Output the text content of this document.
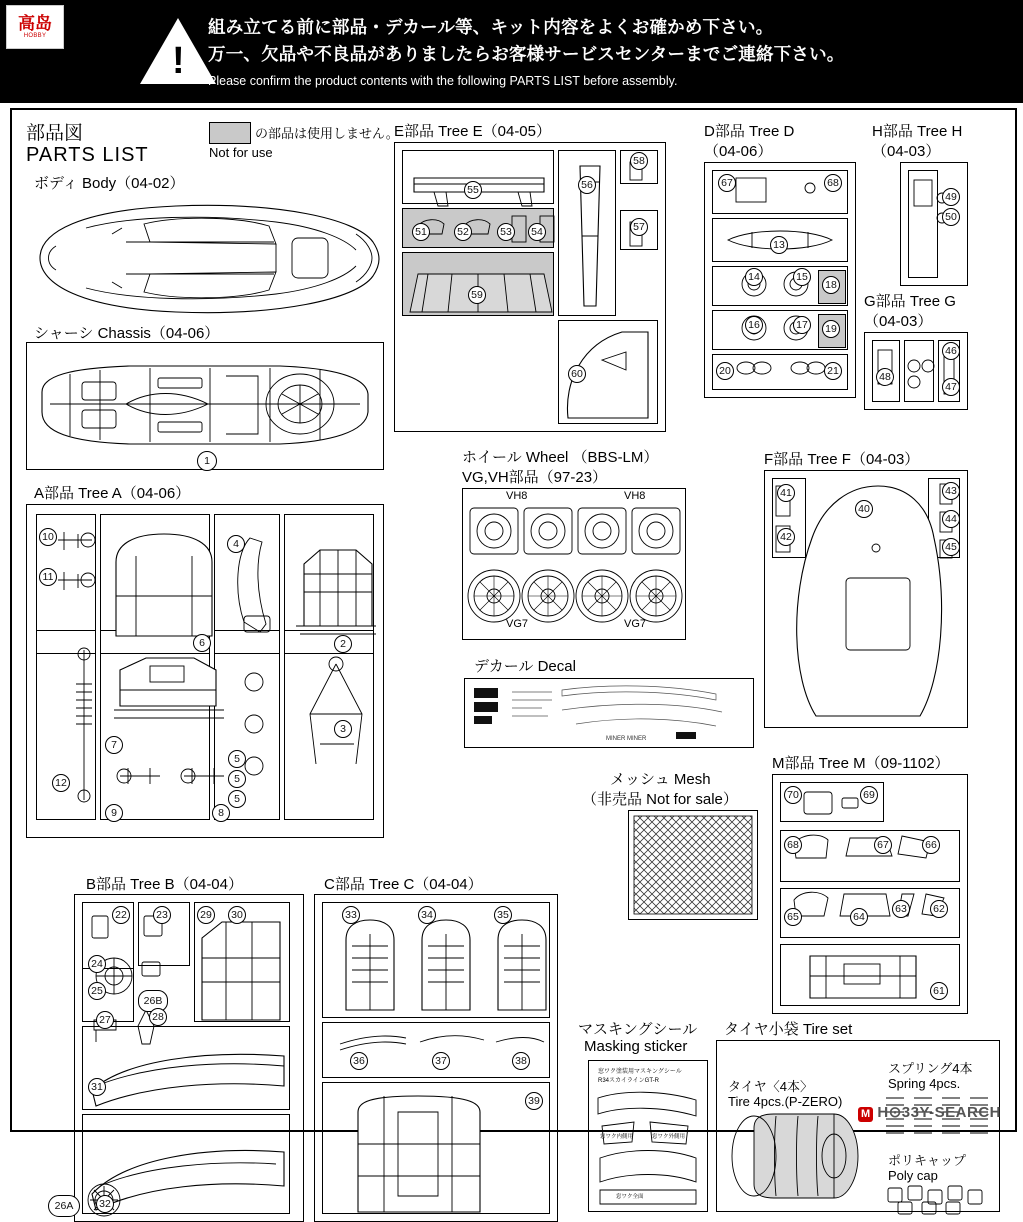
高岛
HOBBY
!
組み立てる前に部品・デカール等、キット内容をよくお確かめ下さい。
万一、欠品や不良品がありましたらお客様サービスセンターまでご連絡下さい。
Please confirm the product contents with the following PARTS LIST before assembly.
部品図
PARTS LIST
の部品は使用しません。
Not for use
ボディ Body（04-02）
シャーシ Chassis（04-06）
1
A部品 Tree A（04-06）
10
11
12
6
4
2
3
7
9	8
5
5
5
B部品 Tree B（04-04）
22	23	29	30
24
25
26B
27	28
31
26A	32
C部品 Tree C（04-04）
33	34	35
36	37	38
39
E部品 Tree E（04-05）
55	56
58
57
51	52	53	54
59
60
D部品 Tree D
（04-06）
67	68
13
14	15
18
16	17	19
20	21
H部品 Tree H
（04-03）
49
50
G部品 Tree G
（04-03）
48
46
47
ホイール Wheel （BBS-LM）
VG,VH部品（97-23）
VH8	VH8
VG7	VG7
F部品 Tree F（04-03）
41
42
43
44
45
40
デカール Decal
MINER MINER
メッシュ Mesh
（非売品 Not for sale）
M部品 Tree M（09-1102）
70	69
68	67	66
65	64
63	62
61
マスキングシール
Masking sticker
窓ワク塗装用マスキングシール
R34スカイラインGT-R
窓ワク内側用	窓ワク外側用
窓ワク全面
タイヤ小袋 Tire set
タイヤ〈4本〉
Tire 4pcs.(P-ZERO)
スプリング4本
Spring 4pcs.
ポリキャップ
Poly cap
M H⊙33Y-SEARCH
